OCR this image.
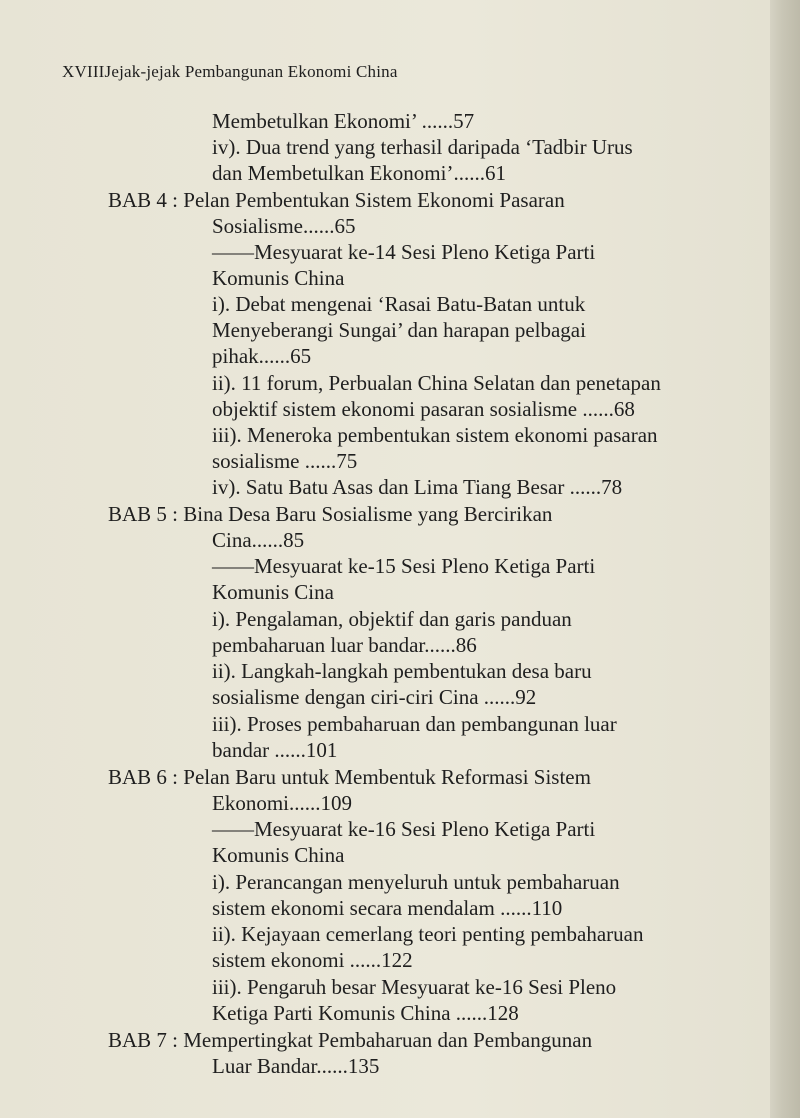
XVIIIJejak-jejak Pembangunan Ekonomi China
Membetulkan Ekonomi’ ......57
iv). Dua trend yang terhasil daripada ‘Tadbir Urus
dan Membetulkan Ekonomi’......61
BAB 4 : Pelan Pembentukan Sistem Ekonomi Pasaran
Sosialisme......65
——Mesyuarat ke-14 Sesi Pleno Ketiga Parti
Komunis China
i). Debat mengenai ‘Rasai Batu-Batan untuk
Menyeberangi Sungai’ dan harapan pelbagai
pihak......65
ii). 11 forum, Perbualan China Selatan dan penetapan
objektif sistem ekonomi pasaran sosialisme ......68
iii). Meneroka pembentukan sistem ekonomi pasaran
sosialisme ......75
iv). Satu Batu Asas dan Lima Tiang Besar ......78
BAB 5 : Bina Desa Baru Sosialisme yang Bercirikan
Cina......85
——Mesyuarat ke-15 Sesi Pleno Ketiga Parti
Komunis Cina
i). Pengalaman, objektif dan garis panduan
pembaharuan luar bandar......86
ii). Langkah-langkah pembentukan desa baru
sosialisme dengan ciri-ciri Cina ......92
iii). Proses pembaharuan dan pembangunan luar
bandar ......101
BAB 6 : Pelan Baru untuk Membentuk Reformasi Sistem
Ekonomi......109
——Mesyuarat ke-16 Sesi Pleno Ketiga Parti
Komunis China
i). Perancangan menyeluruh untuk pembaharuan
sistem ekonomi secara mendalam ......110
ii). Kejayaan cemerlang teori penting pembaharuan
sistem ekonomi ......122
iii). Pengaruh besar Mesyuarat ke-16 Sesi Pleno
Ketiga Parti Komunis China ......128
BAB 7 : Mempertingkat Pembaharuan dan Pembangunan
Luar Bandar......135
